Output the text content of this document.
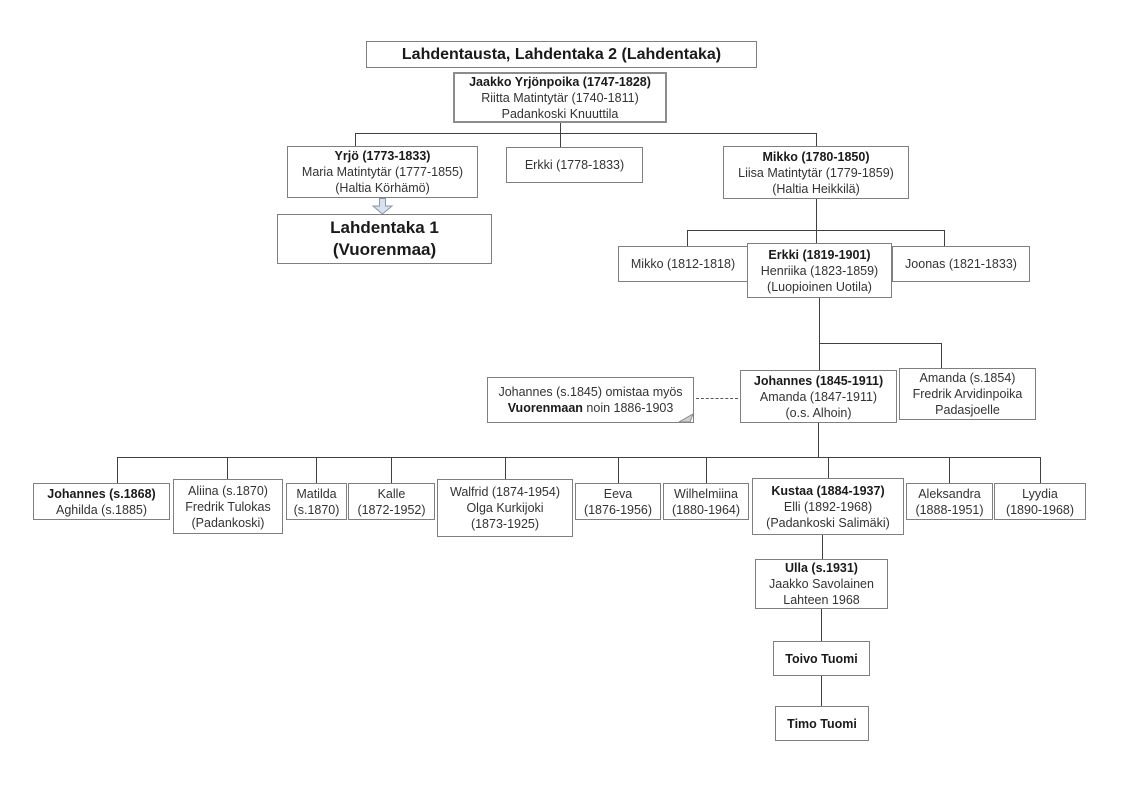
Lahdentausta, Lahdentaka 2 (Lahdentaka)
Jaakko Yrjönpoika (1747-1828)
Riitta Matintytär (1740-1811)
Padankoski Knuuttila
Yrjö (1773-1833)
Maria Matintytär (1777-1855)
(Haltia Körhämö)
Erkki (1778-1833)
Mikko (1780-1850)
Liisa Matintytär (1779-1859)
(Haltia Heikkilä)
Lahdentaka 1
(Vuorenmaa)
Mikko (1812-1818)
Erkki (1819-1901)
Henriika (1823-1859)
(Luopioinen Uotila)
Joonas (1821-1833)
Johannes (1845-1911)
Amanda (1847-1911)
(o.s. Alhoin)
Amanda (s.1854)
Fredrik Arvidinpoika
Padasjoelle
Johannes (s.1845) omistaa myös
Vuorenmaan noin 1886-1903
Johannes (s.1868)
Aghilda (s.1885)
Aliina (s.1870)
Fredrik Tulokas
(Padankoski)
Matilda
(s.1870)
Kalle
(1872-1952)
Walfrid (1874-1954)
Olga Kurkijoki
(1873-1925)
Eeva
(1876-1956)
Wilhelmiina
(1880-1964)
Kustaa (1884-1937)
Elli (1892-1968)
(Padankoski Salimäki)
Aleksandra
(1888-1951)
Lyydia
(1890-1968)
Ulla (s.1931)
Jaakko Savolainen
Lahteen 1968
Toivo Tuomi
Timo Tuomi
